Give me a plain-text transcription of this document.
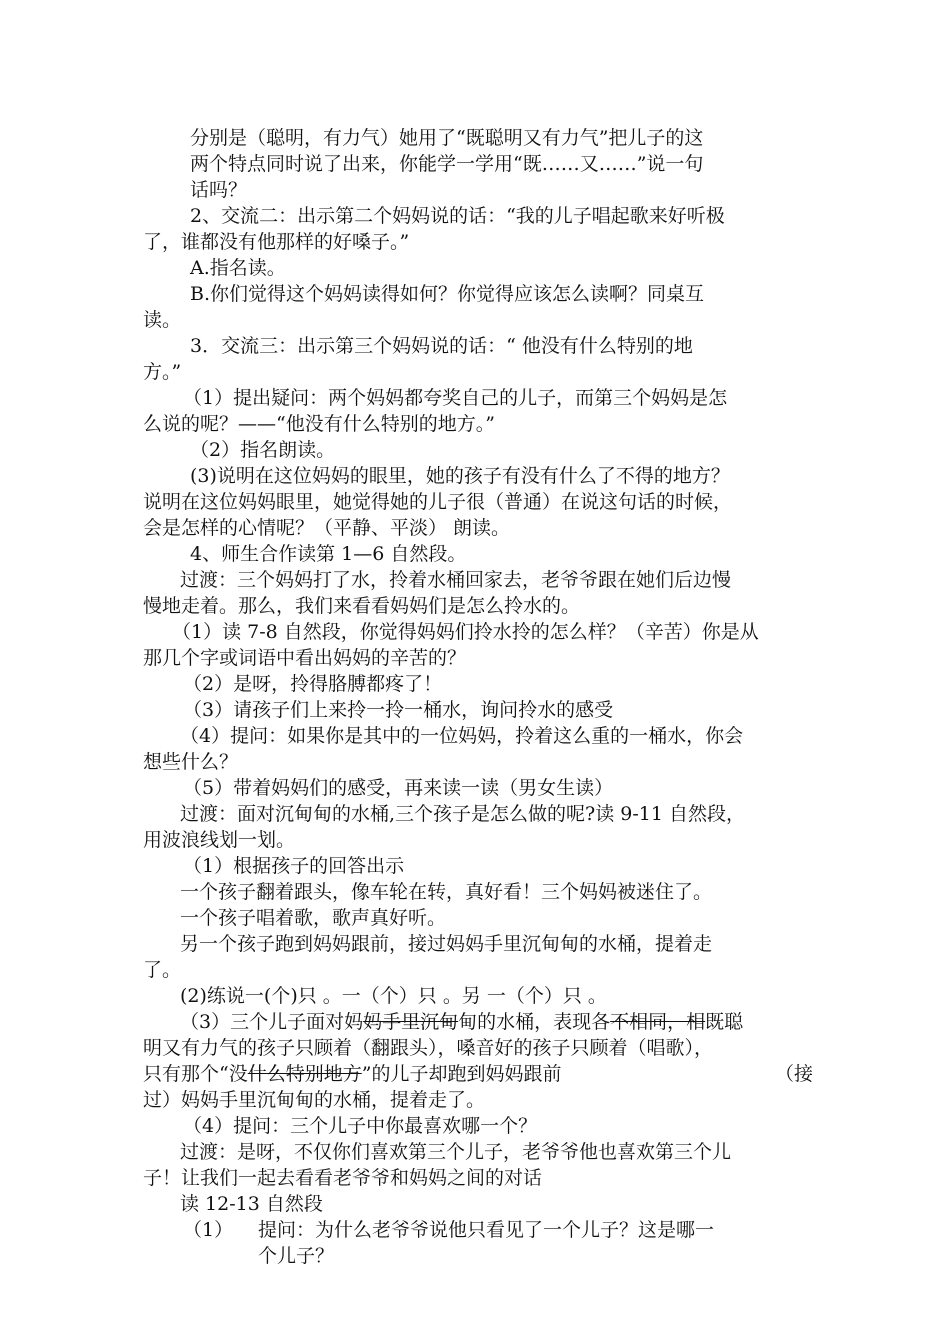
分别是（聪明，有力气）她用了“既聪明又有力气”把儿子的这
两个特点同时说了出来，你能学一学用“既……又……”说一句
话吗？
2、交流二：出示第二个妈妈说的话：“我的儿子唱起歌来好听极
了，谁都没有他那样的好嗓子。”
A.指名读。
B.你们觉得这个妈妈读得如何？你觉得应该怎么读啊？同桌互
读。
3．交流三：出示第三个妈妈说的话：“ 他没有什么特别的地
方。”
（1）提出疑问：两个妈妈都夸奖自己的儿子，而第三个妈妈是怎
么说的呢？——“他没有什么特别的地方。”
（2）指名朗读。
(3)说明在这位妈妈的眼里，她的孩子有没有什么了不得的地方？
说明在这位妈妈眼里，她觉得她的儿子很（普通）在说这句话的时候，
会是怎样的心情呢？（平静、平淡） 朗读。
4、师生合作读第 1—6 自然段。
过渡：三个妈妈打了水，拎着水桶回家去，老爷爷跟在她们后边慢
慢地走着。那么，我们来看看妈妈们是怎么拎水的。
（1）读 7-8 自然段，你觉得妈妈们拎水拎的怎么样？（辛苦）你是从
那几个字或词语中看出妈妈的辛苦的？
（2）是呀，拎得胳膊都疼了！
（3）请孩子们上来拎一拎一桶水，询问拎水的感受
（4）提问：如果你是其中的一位妈妈，拎着这么重的一桶水，你会
想些什么？
（5）带着妈妈们的感受，再来读一读（男女生读）
过渡：面对沉甸甸的水桶,三个孩子是怎么做的呢?读 9-11 自然段，
用波浪线划一划。
（1）根据孩子的回答出示
一个孩子翻着跟头，像车轮在转，真好看！三个妈妈被迷住了。
一个孩子唱着歌，歌声真好听。
另一个孩子跑到妈妈跟前，接过妈妈手里沉甸甸的水桶，提着走
了。
(2)练说一(个)只 。一（个）只 。另 一（个）只 。
（3）三个儿子面对妈妈手里沉甸甸的水桶，表现各不相同，相既聪
明又有力气的孩子只顾着（翻跟头），嗓音好的孩子只顾着（唱歌），
只有那个“没什么特别地方”的儿子却跑到妈妈跟前	（接
过）妈妈手里沉甸甸的水桶，提着走了。
（4）提问：三个儿子中你最喜欢哪一个？
过渡：是呀，不仅你们喜欢第三个儿子，老爷爷他也喜欢第三个儿
子！让我们一起去看看老爷爷和妈妈之间的对话
读 12-13 自然段
（1） 提问：为什么老爷爷说他只看见了一个儿子？这是哪一
个儿子？
